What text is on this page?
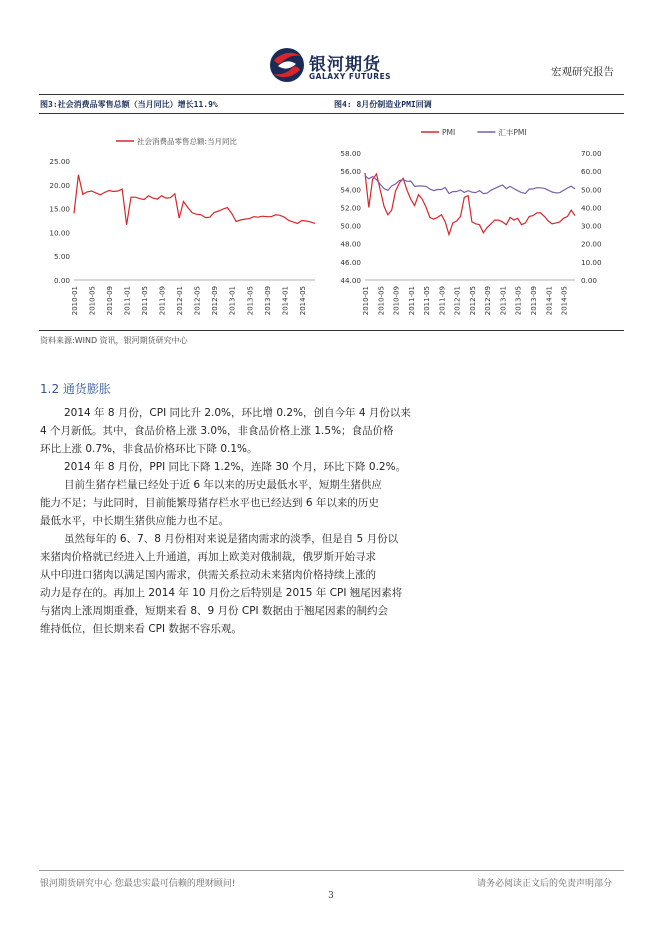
银河期货
GALAXY FUTURES	宏观研究报告
图3:社会消费品零售总额（当月同比）增长11.9%	图4: 8月份制造业PMI回调
0.00
5.00
10.00
15.00
20.00
25.00
2010-01 2010-05 2010-09 2011-01 2011-05 2011-09 2012-01 2012-05 2012-09 2013-01 2013-05 2013-09 2014-01 2014-05
社会消费品零售总额:当月同比
44.00
46.00
48.00
50.00
52.00
54.00
56.00
58.00
0.00
10.00
20.00
30.00
40.00
50.00
60.00
70.00
2010-01 2010-05 2010-09 2011-01 2011-05 2011-09 2012-01 2012-05 2012-09 2013-01 2013-05 2013-09 2014-01 2014-05
PMI	汇丰PMI
资料来源:WIND 资讯，银河期货研究中心
1.2 通货膨胀
2014 年 8 月份，CPI 同比升 2.0%，环比增 0.2%，创自今年 4 月份以来
4 个月新低。其中，食品价格上涨 3.0%，非食品价格上涨 1.5%；食品价格
环比上涨 0.7%，非食品价格环比下降 0.1%。
2014 年 8 月份，PPI 同比下降 1.2%，连降 30 个月，环比下降 0.2%。
目前生猪存栏量已经处于近 6 年以来的历史最低水平，短期生猪供应
能力不足；与此同时，目前能繁母猪存栏水平也已经达到 6 年以来的历史
最低水平，中长期生猪供应能力也不足。
虽然每年的 6、7、8 月份相对来说是猪肉需求的淡季，但是自 5 月份以
来猪肉价格就已经进入上升通道，再加上欧美对俄制裁，俄罗斯开始寻求
从中印进口猪肉以满足国内需求，供需关系拉动未来猪肉价格持续上涨的
动力是存在的。再加上 2014 年 10 月份之后特别是 2015 年 CPI 翘尾因素将
与猪肉上涨周期重叠，短期来看 8、9 月份 CPI 数据由于翘尾因素的制约会
维持低位，但长期来看 CPI 数据不容乐观。
银河期货研究中心 您最忠实最可信赖的理财顾问!	请务必阅读正文后的免责声明部分
3
